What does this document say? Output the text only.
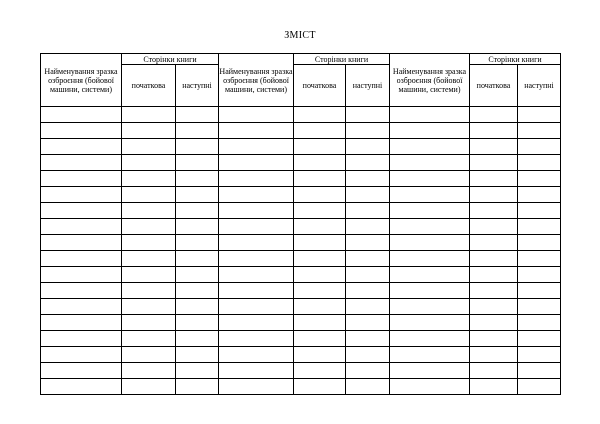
ЗМІСТ
Найменування зразка озброєння (бойової машини, системи)	Сторінки книги		Найменування зразка озброєння (бойової машини, системи)	Сторінки книги		Найменування зразка озброєння (бойової машини, системи)	Сторінки книги	
	початкова	наступні		початкова	наступні		початкова	наступні
